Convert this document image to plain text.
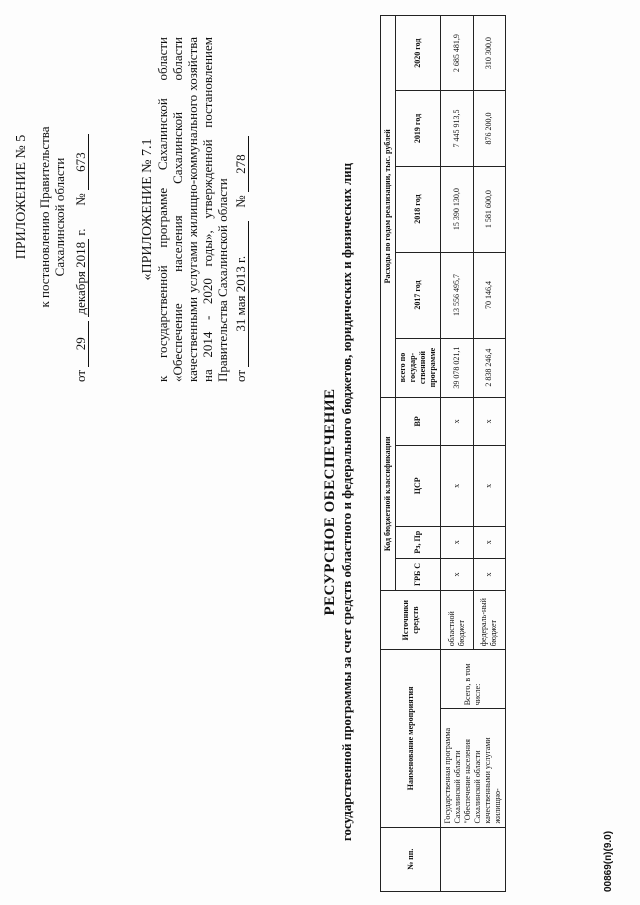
ПРИЛОЖЕНИЕ № 5 к постановлению Правительства Сахалинской области
от 29 декабря 2018 г.       № 673	«ПРИЛОЖЕНИЕ № 7.1 к государственной программе Сахалинской области «Обеспечение населения Сахалинской области качественными услугами жилищно-коммунального хозяйства на 2014 - 2020 годы», утвержденной постановлением Правительства Сахалинской области от 31 мая 2013 г.    № 278
РЕСУРСНОЕ ОБЕСПЕЧЕНИЕ государственной программы за счет средств областного и федерального бюджетов, юридических и физических лиц
№ пп.	Наименование мероприятия		Источники средств	Код бюджетной классификации				Расходы по годам реализации, тыс. рублей				
				ГРБ С	Рз, Пр	ЦСР	ВР	всего по государ-ственной программе	2017 год	2018 год	2019 год	2020 год

	Государственная программа Сахалинской области "Обеспечение населения Сахалинской области качественными услугами жилищно-	Всего, в том числе:	областной бюджет	x	x	x	x	39 078 021,1	13 556 495,7	15 390 130,0	7 445 913,5	2 685 481,9
			федераль-ный бюджет	x	x	x	x	2 838 246,4	70 146,4	1 581 600,0	876 200,0	310 300,0
00869(п)(9.0)
